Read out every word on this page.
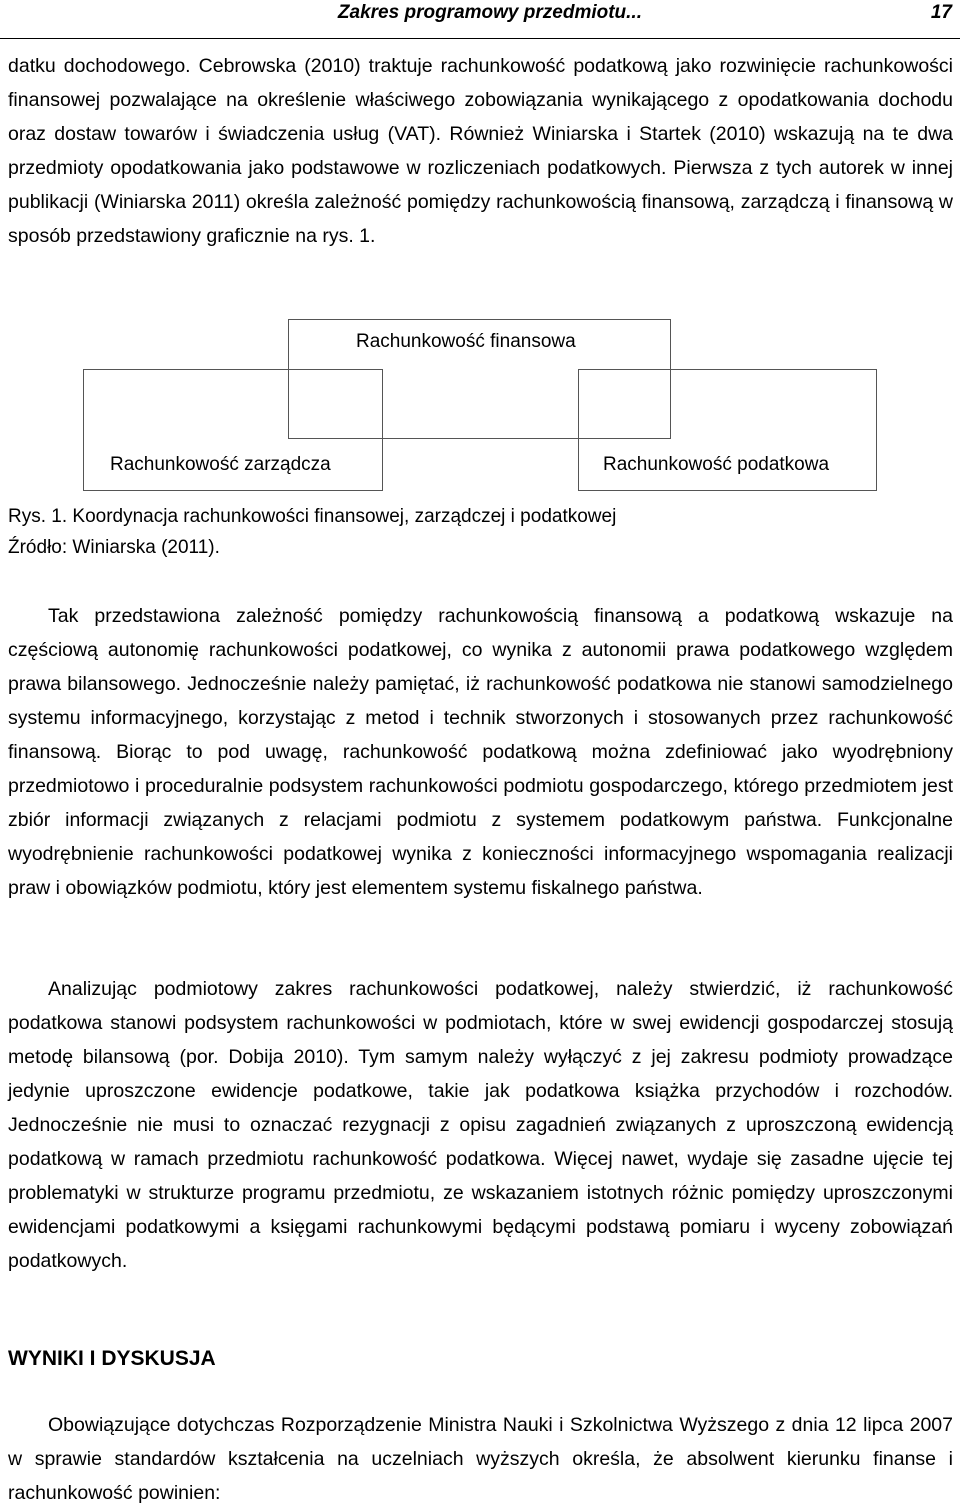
Zakres programowy przedmiotu...	17

datku dochodowego. Cebrowska (2010) traktuje rachunkowość podatkową jako rozwinięcie rachunkowości finansowej pozwalające na określenie właściwego zobowiązania wynikającego z opodatkowania dochodu oraz dostaw towarów i świadczenia usług (VAT). Również Winiarska i Startek (2010) wskazują na te dwa przedmioty opodatkowania jako podstawowe w rozliczeniach podatkowych. Pierwsza z tych autorek w innej publikacji (Winiarska 2011) określa zależność pomiędzy rachunkowością finansową, zarządczą i finansową w sposób przedstawiony graficznie na rys. 1.

Rachunkowość finansowa
Rachunkowość zarządcza	Rachunkowość podatkowa
Rys. 1. Koordynacja rachunkowości finansowej, zarządczej i podatkowej
Źródło: Winiarska (2011).

Tak przedstawiona zależność pomiędzy rachunkowością finansową a podatkową wskazuje na częściową autonomię rachunkowości podatkowej, co wynika z autonomii prawa podatkowego względem prawa bilansowego. Jednocześnie należy pamiętać, iż rachunkowość podatkowa nie stanowi samodzielnego systemu informacyjnego, korzystając z metod i technik stworzonych i stosowanych przez rachunkowość finansową. Biorąc to pod uwagę, rachunkowość podatkową można zdefiniować jako wyodrębniony przedmiotowo i proceduralnie podsystem rachunkowości podmiotu gospodarczego, którego przedmiotem jest zbiór informacji związanych z relacjami podmiotu z systemem podatkowym państwa. Funkcjonalne wyodrębnienie rachunkowości podatkowej wynika z konieczności informacyjnego wspomagania realizacji praw i obowiązków podmiotu, który jest elementem systemu fiskalnego państwa.

Analizując podmiotowy zakres rachunkowości podatkowej, należy stwierdzić, iż rachunkowość podatkowa stanowi podsystem rachunkowości w podmiotach, które w swej ewidencji gospodarczej stosują metodę bilansową (por. Dobija 2010). Tym samym należy wyłączyć z jej zakresu podmioty prowadzące jedynie uproszczone ewidencje podatkowe, takie jak podatkowa książka przychodów i rozchodów. Jednocześnie nie musi to oznaczać rezygnacji z opisu zagadnień związanych z uproszczoną ewidencją podatkową w ramach przedmiotu rachunkowość podatkowa. Więcej nawet, wydaje się zasadne ujęcie tej problematyki w strukturze programu przedmiotu, ze wskazaniem istotnych różnic pomiędzy uproszczonymi ewidencjami podatkowymi a księgami rachunkowymi będącymi podstawą pomiaru i wyceny zobowiązań podatkowych.

WYNIKI I DYSKUSJA

Obowiązujące dotychczas Rozporządzenie Ministra Nauki i Szkolnictwa Wyższego z dnia 12 lipca 2007 w sprawie standardów kształcenia na uczelniach wyższych określa, że absolwent kierunku finanse i rachunkowość powinien:
